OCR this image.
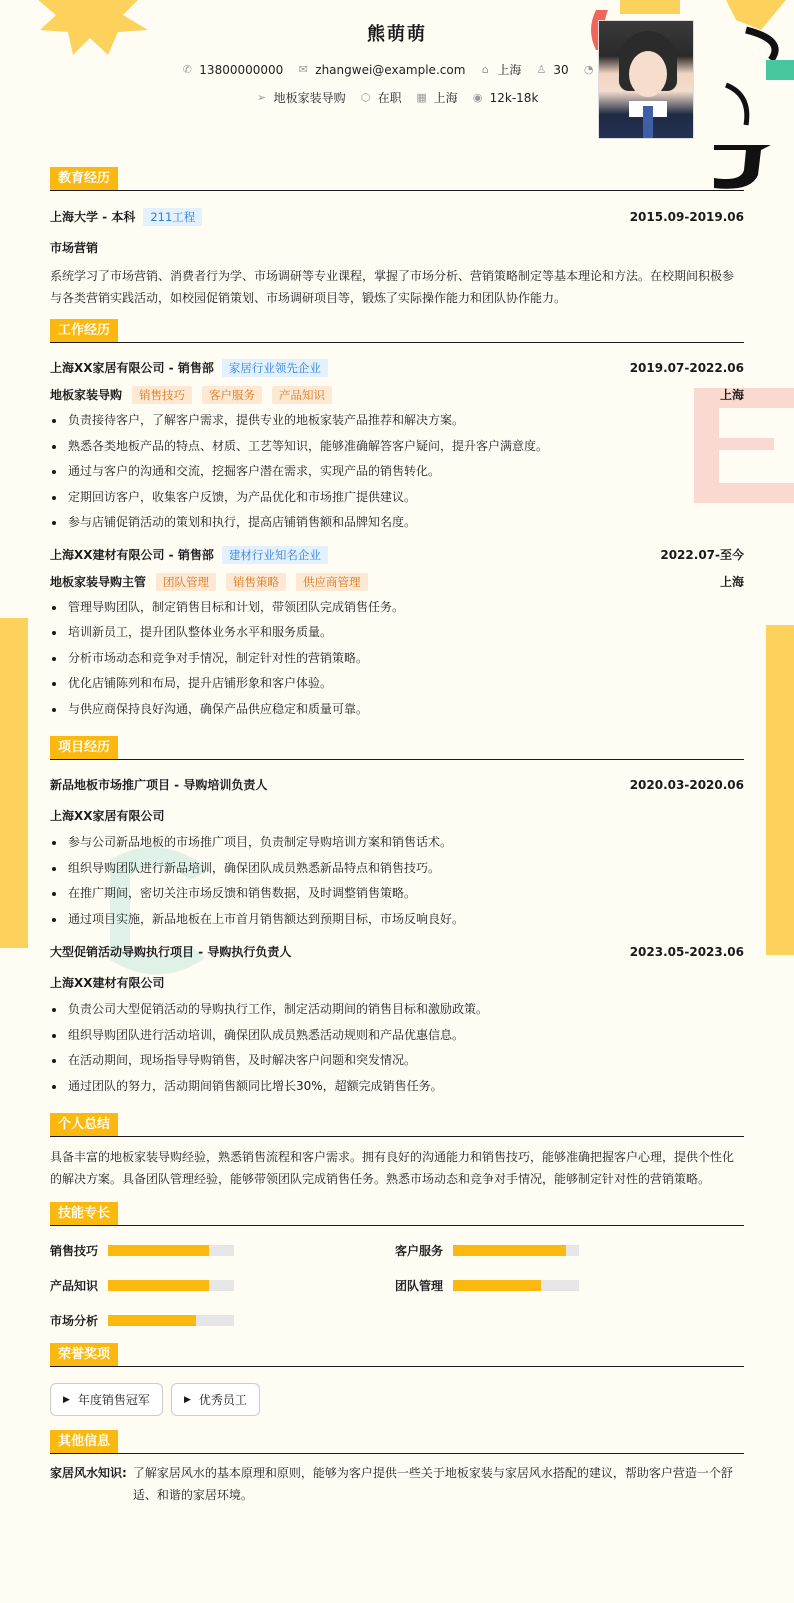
熊萌萌
✆ 13800000000 ✉ zhangwei@example.com ⌂ 上海 ♙ 30 ◔
➢ 地板家装导购 ⬡ 在职 ▦ 上海 ◉ 12k-18k
教育经历
上海大学 - 本科 211工程	2015.09-2019.06
市场营销
系统学习了市场营销、消费者行为学、市场调研等专业课程，掌握了市场分析、营销策略制定等基本理论和方法。在校期间积极参与各类营销实践活动，如校园促销策划、市场调研项目等，锻炼了实际操作能力和团队协作能力。
工作经历
上海XX家居有限公司 - 销售部 家居行业领先企业	2019.07-2022.06
地板家装导购 销售技巧 客户服务 产品知识	上海
负责接待客户，了解客户需求，提供专业的地板家装产品推荐和解决方案。
熟悉各类地板产品的特点、材质、工艺等知识，能够准确解答客户疑问，提升客户满意度。
通过与客户的沟通和交流，挖掘客户潜在需求，实现产品的销售转化。
定期回访客户，收集客户反馈，为产品优化和市场推广提供建议。
参与店铺促销活动的策划和执行，提高店铺销售额和品牌知名度。
上海XX建材有限公司 - 销售部 建材行业知名企业	2022.07-至今
地板家装导购主管 团队管理 销售策略 供应商管理	上海
管理导购团队，制定销售目标和计划，带领团队完成销售任务。
培训新员工，提升团队整体业务水平和服务质量。
分析市场动态和竞争对手情况，制定针对性的营销策略。
优化店铺陈列和布局，提升店铺形象和客户体验。
与供应商保持良好沟通，确保产品供应稳定和质量可靠。
项目经历
新品地板市场推广项目 - 导购培训负责人	2020.03-2020.06
上海XX家居有限公司
参与公司新品地板的市场推广项目，负责制定导购培训方案和销售话术。
组织导购团队进行新品培训，确保团队成员熟悉新品特点和销售技巧。
在推广期间，密切关注市场反馈和销售数据，及时调整销售策略。
通过项目实施，新品地板在上市首月销售额达到预期目标，市场反响良好。
大型促销活动导购执行项目 - 导购执行负责人	2023.05-2023.06
上海XX建材有限公司
负责公司大型促销活动的导购执行工作，制定活动期间的销售目标和激励政策。
组织导购团队进行活动培训，确保团队成员熟悉活动规则和产品优惠信息。
在活动期间，现场指导导购销售，及时解决客户问题和突发情况。
通过团队的努力，活动期间销售额同比增长30%，超额完成销售任务。
个人总结
具备丰富的地板家装导购经验，熟悉销售流程和客户需求。拥有良好的沟通能力和销售技巧，能够准确把握客户心理，提供个性化的解决方案。具备团队管理经验，能够带领团队完成销售任务。熟悉市场动态和竞争对手情况，能够制定针对性的营销策略。
技能专长
销售技巧	客户服务
产品知识	团队管理
市场分析
荣誉奖项
▶ 年度销售冠军	▶ 优秀员工
其他信息
家居风水知识: 了解家居风水的基本原理和原则，能够为客户提供一些关于地板家装与家居风水搭配的建议，帮助客户营造一个舒适、和谐的家居环境。
